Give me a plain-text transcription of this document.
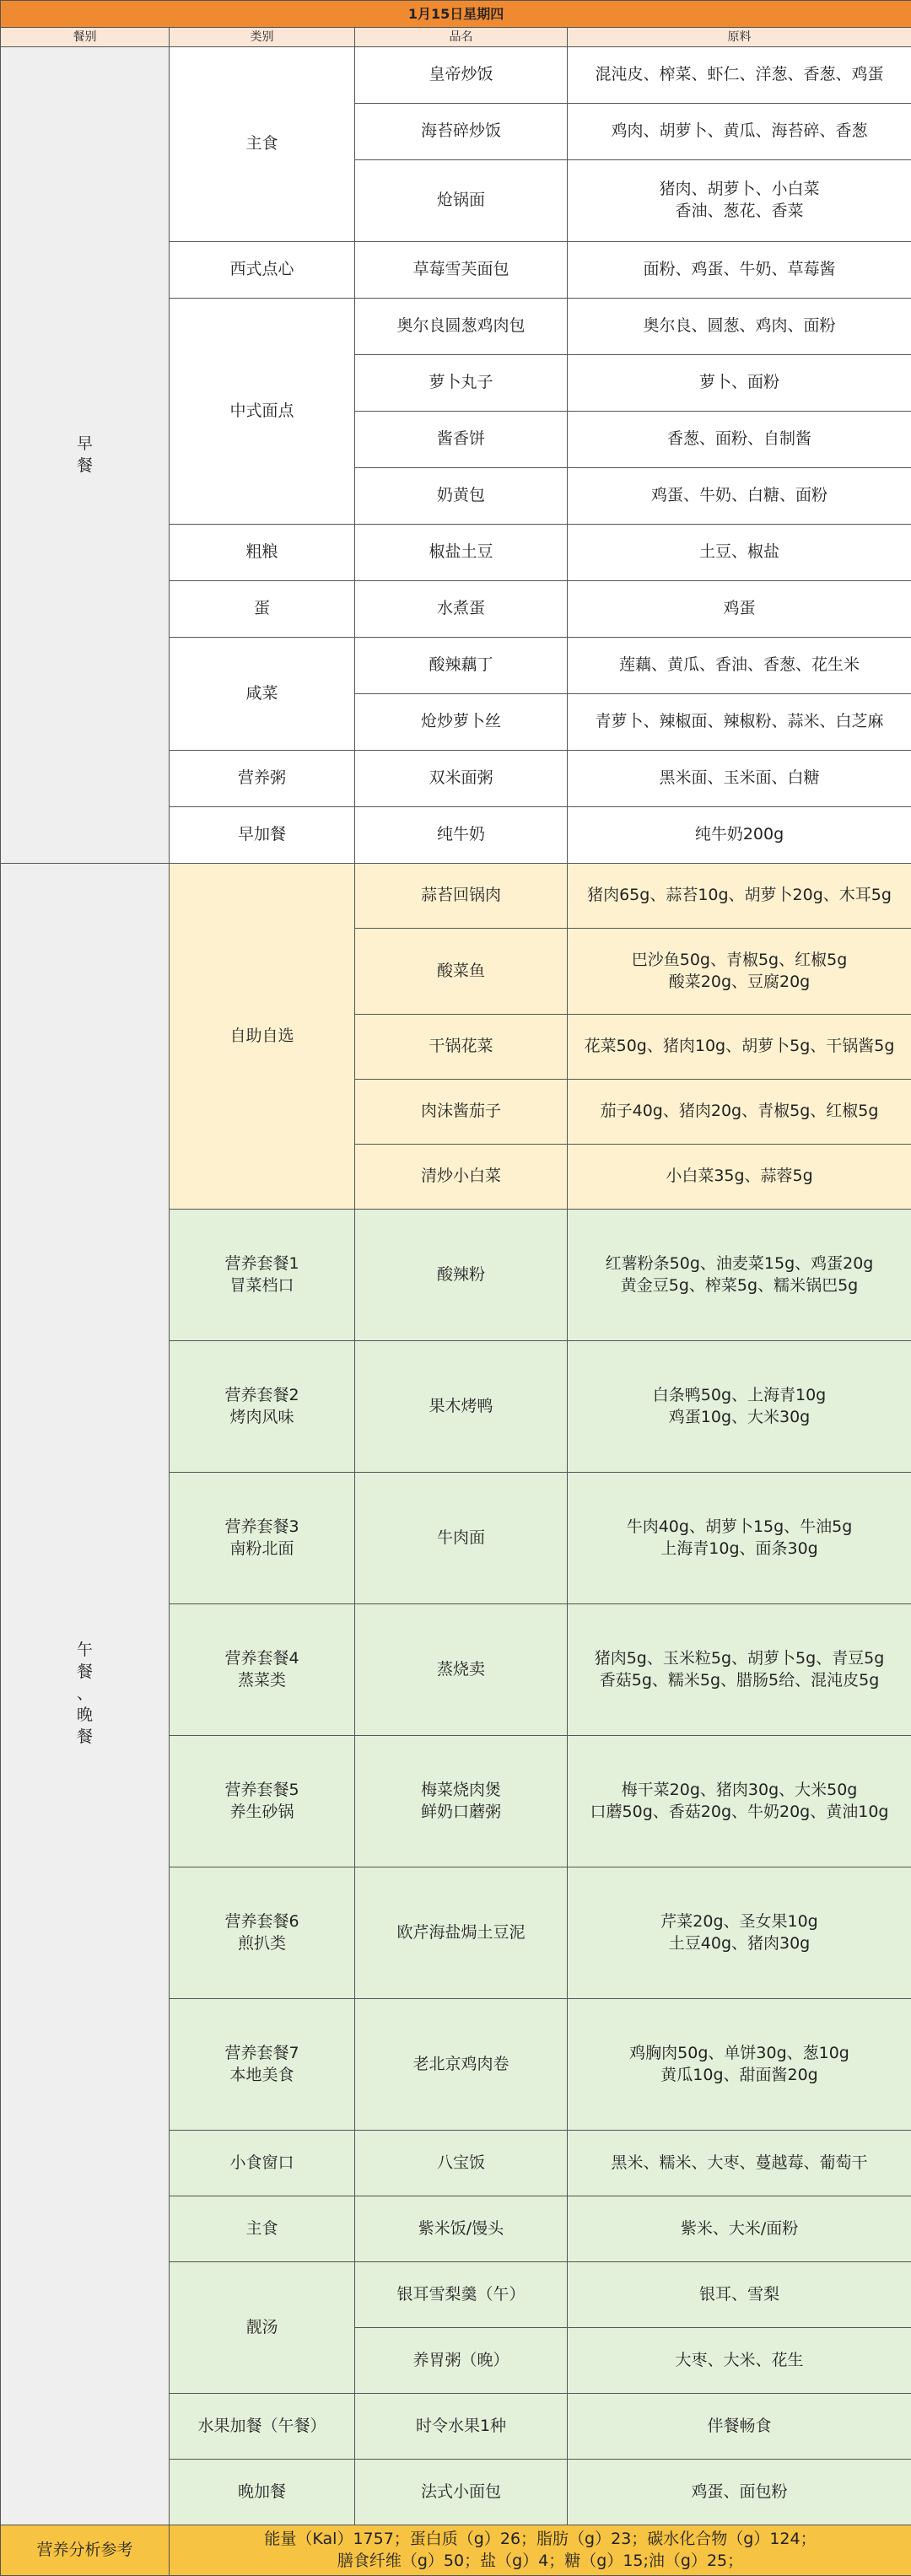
1月15日星期四			
餐别	类别	品名	原料

早
餐	主食	皇帝炒饭	混沌皮、榨菜、虾仁、洋葱、香葱、鸡蛋

		海苔碎炒饭	鸡肉、胡萝卜、黄瓜、海苔碎、香葱

		炝锅面	猪肉、胡萝卜、小白菜
香油、葱花、香菜

	西式点心	草莓雪芙面包	面粉、鸡蛋、牛奶、草莓酱

	中式面点	奥尔良圆葱鸡肉包	奥尔良、圆葱、鸡肉、面粉

		萝卜丸子	萝卜、面粉

		酱香饼	香葱、面粉、自制酱

		奶黄包	鸡蛋、牛奶、白糖、面粉

	粗粮	椒盐土豆	土豆、椒盐

	蛋	水煮蛋	鸡蛋

	咸菜	酸辣藕丁	莲藕、黄瓜、香油、香葱、花生米

		炝炒萝卜丝	青萝卜、辣椒面、辣椒粉、蒜米、白芝麻

	营养粥	双米面粥	黑米面、玉米面、白糖

	早加餐	纯牛奶	纯牛奶200g

午
餐
、
晚
餐	自助自选	蒜苔回锅肉	猪肉65g、蒜苔10g、胡萝卜20g、木耳5g

		酸菜鱼	巴沙鱼50g、青椒5g、红椒5g
酸菜20g、豆腐20g

		干锅花菜	花菜50g、猪肉10g、胡萝卜5g、干锅酱5g

		肉沫酱茄子	茄子40g、猪肉20g、青椒5g、红椒5g

		清炒小白菜	小白菜35g、蒜蓉5g

	营养套餐1
冒菜档口	酸辣粉	红薯粉条50g、油麦菜15g、鸡蛋20g
黄金豆5g、榨菜5g、糯米锅巴5g

	营养套餐2
烤肉风味	果木烤鸭	白条鸭50g、上海青10g
鸡蛋10g、大米30g

	营养套餐3
南粉北面	牛肉面	牛肉40g、胡萝卜15g、牛油5g
上海青10g、面条30g

	营养套餐4
蒸菜类	蒸烧卖	猪肉5g、玉米粒5g、胡萝卜5g、青豆5g
香菇5g、糯米5g、腊肠5给、混沌皮5g

	营养套餐5
养生砂锅	梅菜烧肉煲
鲜奶口蘑粥	梅干菜20g、猪肉30g、大米50g
口蘑50g、香菇20g、牛奶20g、黄油10g

	营养套餐6
煎扒类	欧芹海盐焗土豆泥	芹菜20g、圣女果10g
土豆40g、猪肉30g

	营养套餐7
本地美食	老北京鸡肉卷	鸡胸肉50g、单饼30g、葱10g
黄瓜10g、甜面酱20g

	小食窗口	八宝饭	黑米、糯米、大枣、蔓越莓、葡萄干

	主食	紫米饭/馒头	紫米、大米/面粉

	靓汤	银耳雪梨羹（午）	银耳、雪梨

		养胃粥（晚）	大枣、大米、花生

	水果加餐（午餐）	时令水果1种	伴餐畅食

	晚加餐	法式小面包	鸡蛋、面包粉

营养分析参考	能量（Kal）1757；蛋白质（g）26；脂肪（g）23；碳水化合物（g）124；
膳食纤维（g）50；盐（g）4；糖（g）15;油（g）25；		
